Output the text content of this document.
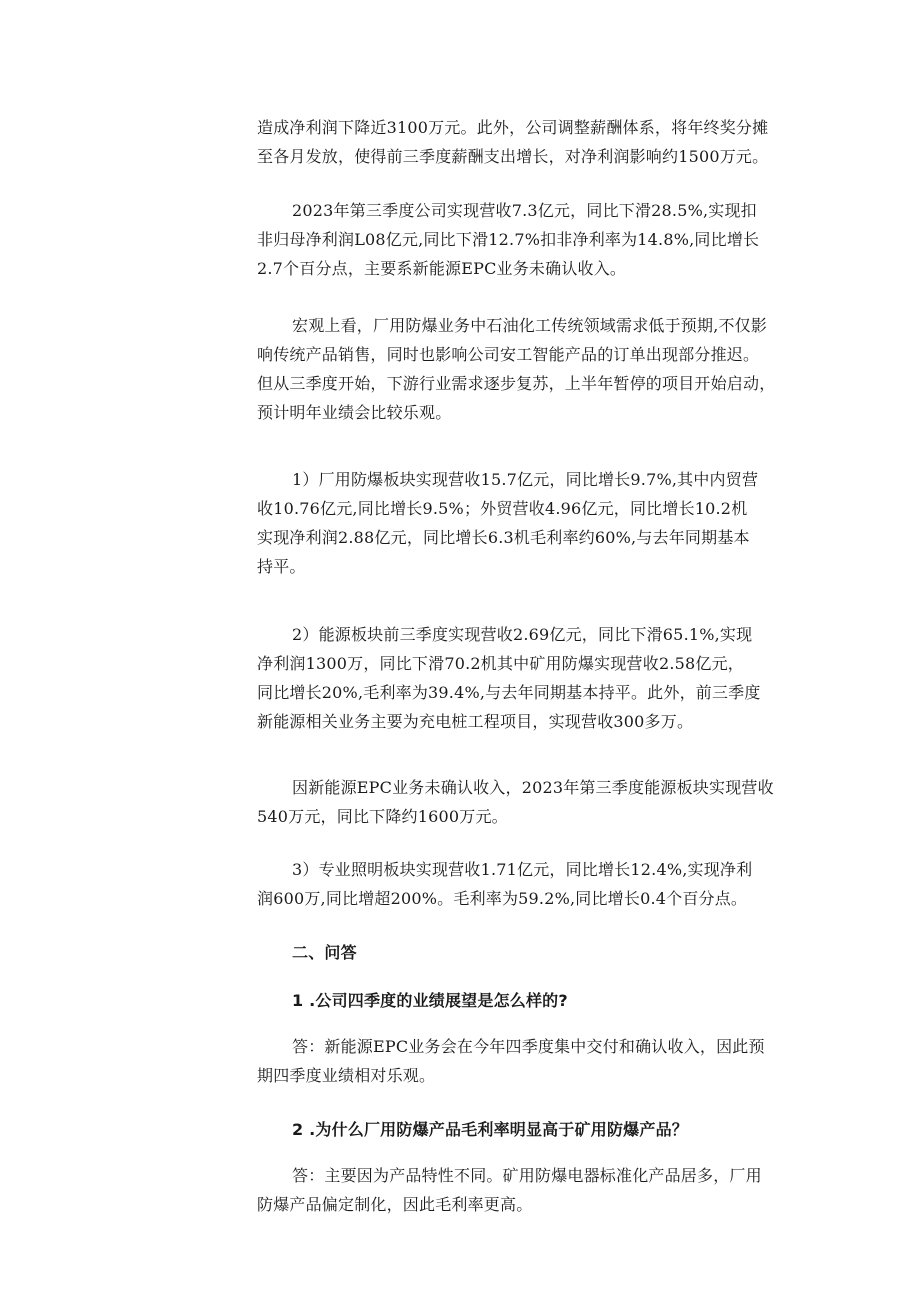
造成净利润下降近3100万元。此外，公司调整薪酬体系，将年终奖分摊
至各月发放，使得前三季度薪酬支出增长，对净利润影响约1500万元。

2023年第三季度公司实现营收7.3亿元，同比下滑28.5%,实现扣
非归母净利润L08亿元,同比下滑12.7%扣非净利率为14.8%,同比增长
2.7个百分点，主要系新能源EPC业务未确认收入。

宏观上看，厂用防爆业务中石油化工传统领域需求低于预期,不仅影
响传统产品销售，同时也影响公司安工智能产品的订单出现部分推迟。
但从三季度开始，下游行业需求逐步复苏，上半年暂停的项目开始启动，
预计明年业绩会比较乐观。

1）厂用防爆板块实现营收15.7亿元，同比增长9.7%,其中内贸营
收10.76亿元,同比增长9.5%；外贸营收4.96亿元，同比增长10.2机
实现净利润2.88亿元，同比增长6.3机毛利率约60%,与去年同期基本
持平。

2）能源板块前三季度实现营收2.69亿元，同比下滑65.1%,实现
净利润1300万，同比下滑70.2机其中矿用防爆实现营收2.58亿元，
同比增长20%,毛利率为39.4%,与去年同期基本持平。此外，前三季度
新能源相关业务主要为充电桩工程项目，实现营收300多万。

因新能源EPC业务未确认收入，2023年第三季度能源板块实现营收
540万元，同比下降约1600万元。

3）专业照明板块实现营收1.71亿元，同比增长12.4%,实现净利
润600万,同比增超200%。毛利率为59.2%,同比增长0.4个百分点。

二、问答

1 .公司四季度的业绩展望是怎么样的?

答：新能源EPC业务会在今年四季度集中交付和确认收入，因此预
期四季度业绩相对乐观。

2 .为什么厂用防爆产品毛利率明显高于矿用防爆产品？

答：主要因为产品特性不同。矿用防爆电器标准化产品居多，厂用
防爆产品偏定制化，因此毛利率更高。
